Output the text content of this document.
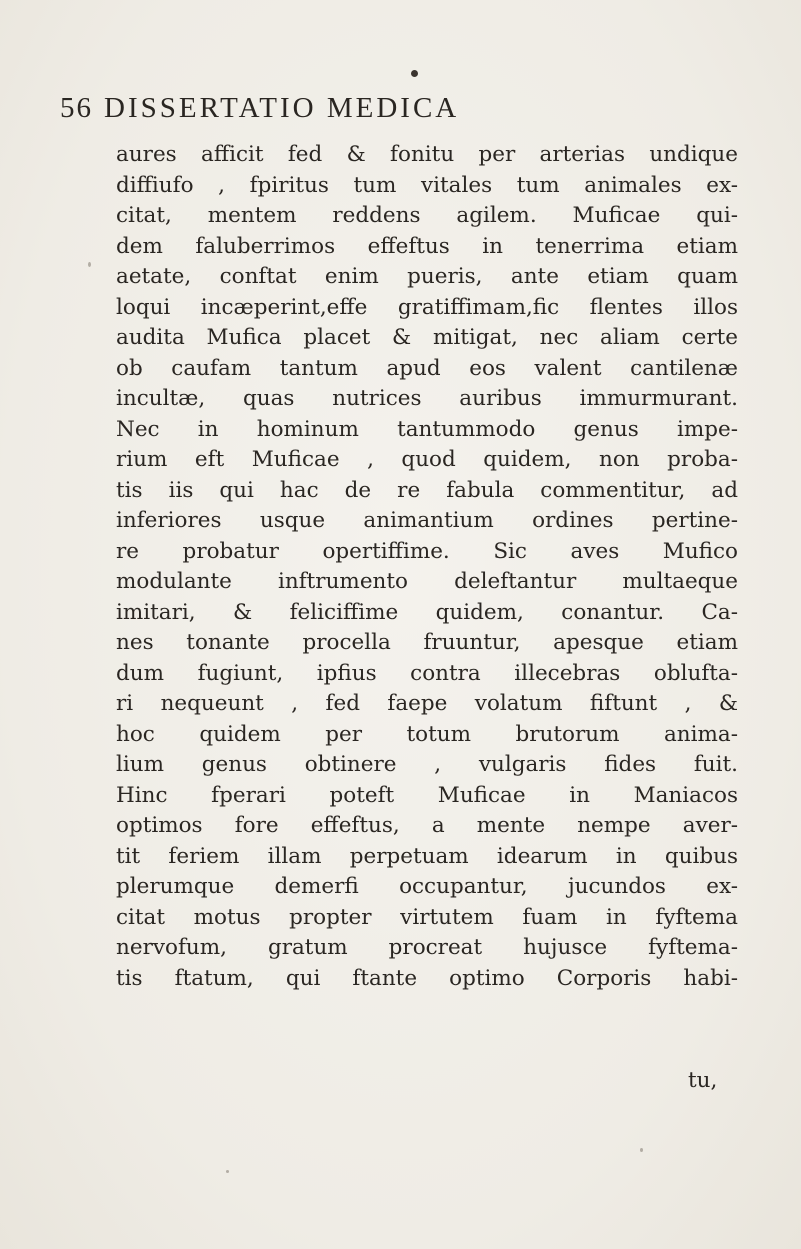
56 DISSERTATIO MEDICA
aures afficit fed & fonitu per arterias undique
diffiufo , fpiritus tum vitales tum animales ex-
citat, mentem reddens agilem. Muficae qui-
dem faluberrimos effeftus in tenerrima etiam
aetate, conftat enim pueris, ante etiam quam
loqui incæperint,effe gratiffimam,fic flentes illos
audita Mufica placet & mitigat, nec aliam certe
ob caufam tantum apud eos valent cantilenæ
incultæ, quas nutrices auribus immurmurant.
Nec in hominum tantummodo genus impe-
rium eft Muficae , quod quidem, non proba-
tis iis qui hac de re fabula commentitur, ad
inferiores usque animantium ordines pertine-
re probatur opertiffime. Sic aves Mufico
modulante inftrumento deleftantur multaeque
imitari, & feliciffime quidem, conantur. Ca-
nes tonante procella fruuntur, apesque etiam
dum fugiunt, ipfius contra illecebras oblufta-
ri nequeunt , fed faepe volatum fiftunt , &
hoc quidem per totum brutorum anima-
lium genus obtinere , vulgaris fides fuit.
Hinc fperari poteft Muficae in Maniacos
optimos fore effeftus, a mente nempe aver-
tit feriem illam perpetuam idearum in quibus
plerumque demerfi occupantur, jucundos ex-
citat motus propter virtutem fuam in fyftema
nervofum, gratum procreat hujusce fyftema-
tis ftatum, qui ftante optimo Corporis habi-
tu,
